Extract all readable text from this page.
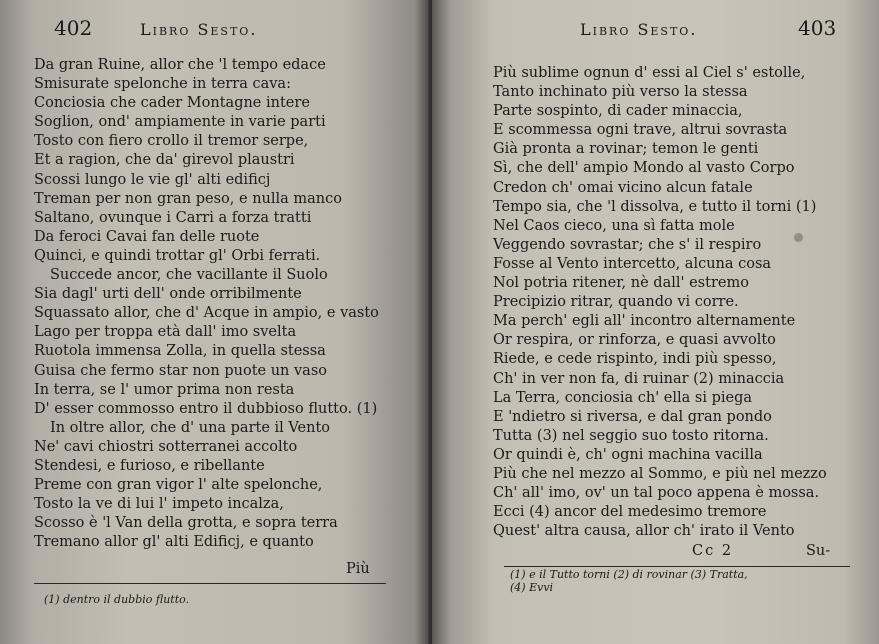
402	Libro Sesto.
Da gran Ruine, allor che 'l tempo edace
Smisurate spelonche in terra cava:
Conciosia che cader Montagne intere
Soglion, ond' ampiamente in varie parti
Tosto con fiero crollo il tremor serpe,
Et a ragion, che da' girevol plaustri
Scossi lungo le vie gl' alti edificj
Treman per non gran peso, e nulla manco
Saltano, ovunque i Carri a forza tratti
Da feroci Cavai fan delle ruote
Quinci, e quindi trottar gl' Orbi ferrati.
Succede ancor, che vacillante il Suolo
Sia dagl' urti dell' onde orribilmente
Squassato allor, che d' Acque in ampio, e vasto
Lago per troppa età dall' imo svelta
Ruotola immensa Zolla, in quella stessa
Guisa che fermo star non puote un vaso
In terra, se l' umor prima non resta
D' esser commosso entro il dubbioso flutto. (1)
In oltre allor, che d' una parte il Vento
Ne' cavi chiostri sotterranei accolto
Stendesi, e furioso, e ribellante
Preme con gran vigor l' alte spelonche,
Tosto la ve di lui l' impeto incalza,
Scosso è 'l Van della grotta, e sopra terra
Tremano allor gl' alti Edificj, e quanto
Più
(1) dentro il dubbio flutto.
Libro Sesto.	403
Più sublime ognun d' essi al Ciel s' estolle,
Tanto inchinato più verso la stessa
Parte sospinto, di cader minaccia,
E scommessa ogni trave, altrui sovrasta
Già pronta a rovinar; temon le genti
Sì, che dell' ampio Mondo al vasto Corpo
Credon ch' omai vicino alcun fatale
Tempo sia, che 'l dissolva, e tutto il torni (1)
Nel Caos cieco, una sì fatta mole
Veggendo sovrastar; che s' il respiro
Fosse al Vento intercetto, alcuna cosa
Nol potria ritener, nè dall' estremo
Precipizio ritrar, quando vi corre.
Ma perch' egli all' incontro alternamente
Or respira, or rinforza, e quasi avvolto
Riede, e cede rispinto, indi più spesso,
Ch' in ver non fa, di ruinar (2) minaccia
La Terra, conciosia ch' ella si piega
E 'ndietro si riversa, e dal gran pondo
Tutta (3) nel seggio suo tosto ritorna.
Or quindi è, ch' ogni machina vacilla
Più che nel mezzo al Sommo, e più nel mezzo
Ch' all' imo, ov' un tal poco appena è mossa.
Ecci (4) ancor del medesimo tremore
Quest' altra causa, allor ch' irato il Vento
Cc 2	Su-
(1) e il Tutto torni (2) di rovinar (3) Tratta,
(4) Evvi
